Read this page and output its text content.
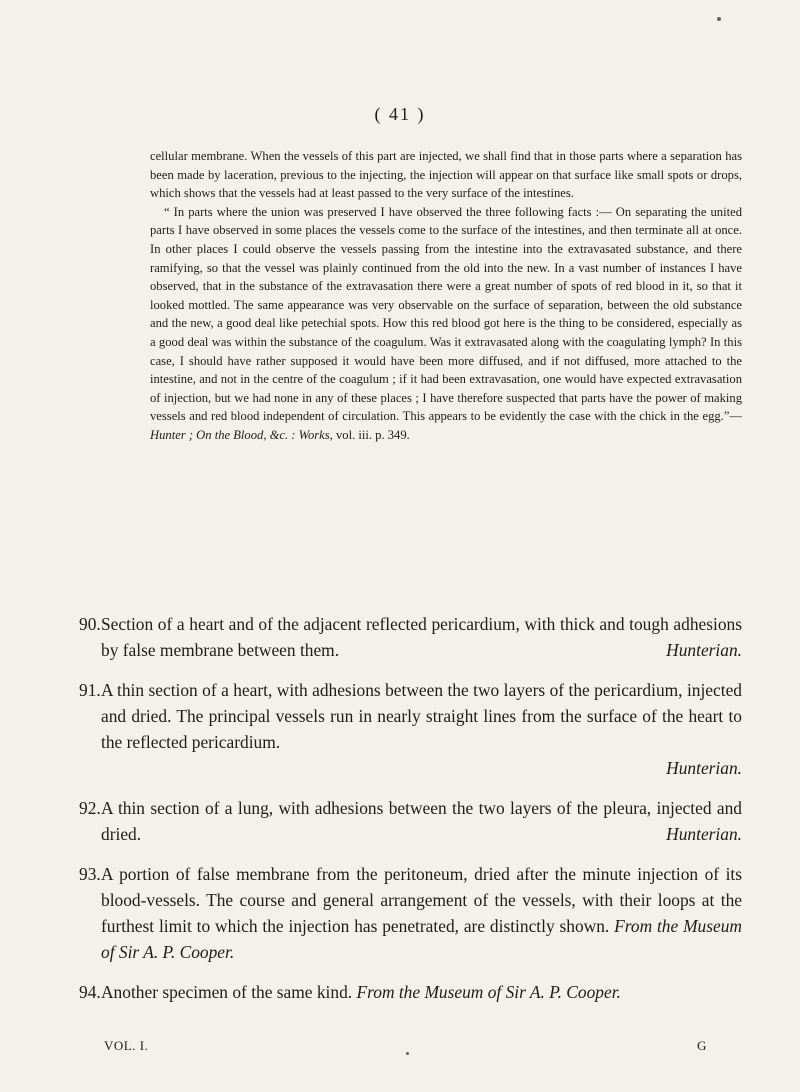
( 41 )

cellular membrane. When the vessels of this part are injected, we shall find that in those parts where a separation has been made by laceration, previous to the injecting, the injection will appear on that surface like small spots or drops, which shows that the vessels had at least passed to the very surface of the intestines.

“ In parts where the union was preserved I have observed the three following facts :— On separating the united parts I have observed in some places the vessels come to the surface of the intestines, and then terminate all at once. In other places I could observe the vessels passing from the intestine into the extravasated substance, and there ramifying, so that the vessel was plainly continued from the old into the new. In a vast number of instances I have observed, that in the substance of the extravasation there were a great number of spots of red blood in it, so that it looked mottled. The same appearance was very observable on the surface of separation, between the old substance and the new, a good deal like petechial spots. How this red blood got here is the thing to be considered, especially as a good deal was within the substance of the coagulum. Was it extravasated along with the coagulating lymph? In this case, I should have rather supposed it would have been more diffused, and if not diffused, more attached to the intestine, and not in the centre of the coagulum ; if it had been extravasation, one would have expected extravasation of injection, but we had none in any of these places ; I have therefore suspected that parts have the power of making vessels and red blood independent of circulation. This appears to be evidently the case with the chick in the egg.”—Hunter ; On the Blood, &c. : Works, vol. iii. p. 349.

90. Section of a heart and of the adjacent reflected pericardium, with thick and tough adhesions by false membrane between them.	Hunterian.
91. A thin section of a heart, with adhesions between the two layers of the pericardium, injected and dried. The principal vessels run in nearly straight lines from the surface of the heart to the reflected pericardium.
Hunterian.
92. A thin section of a lung, with adhesions between the two layers of the pleura, injected and dried.	Hunterian.
93. A portion of false membrane from the peritoneum, dried after the minute injection of its blood-vessels. The course and general arrangement of the vessels, with their loops at the furthest limit to which the injection has penetrated, are distinctly shown. From the Museum of Sir A. P. Cooper.
94. Another specimen of the same kind. From the Museum of Sir A. P. Cooper.
VOL. I.	G
